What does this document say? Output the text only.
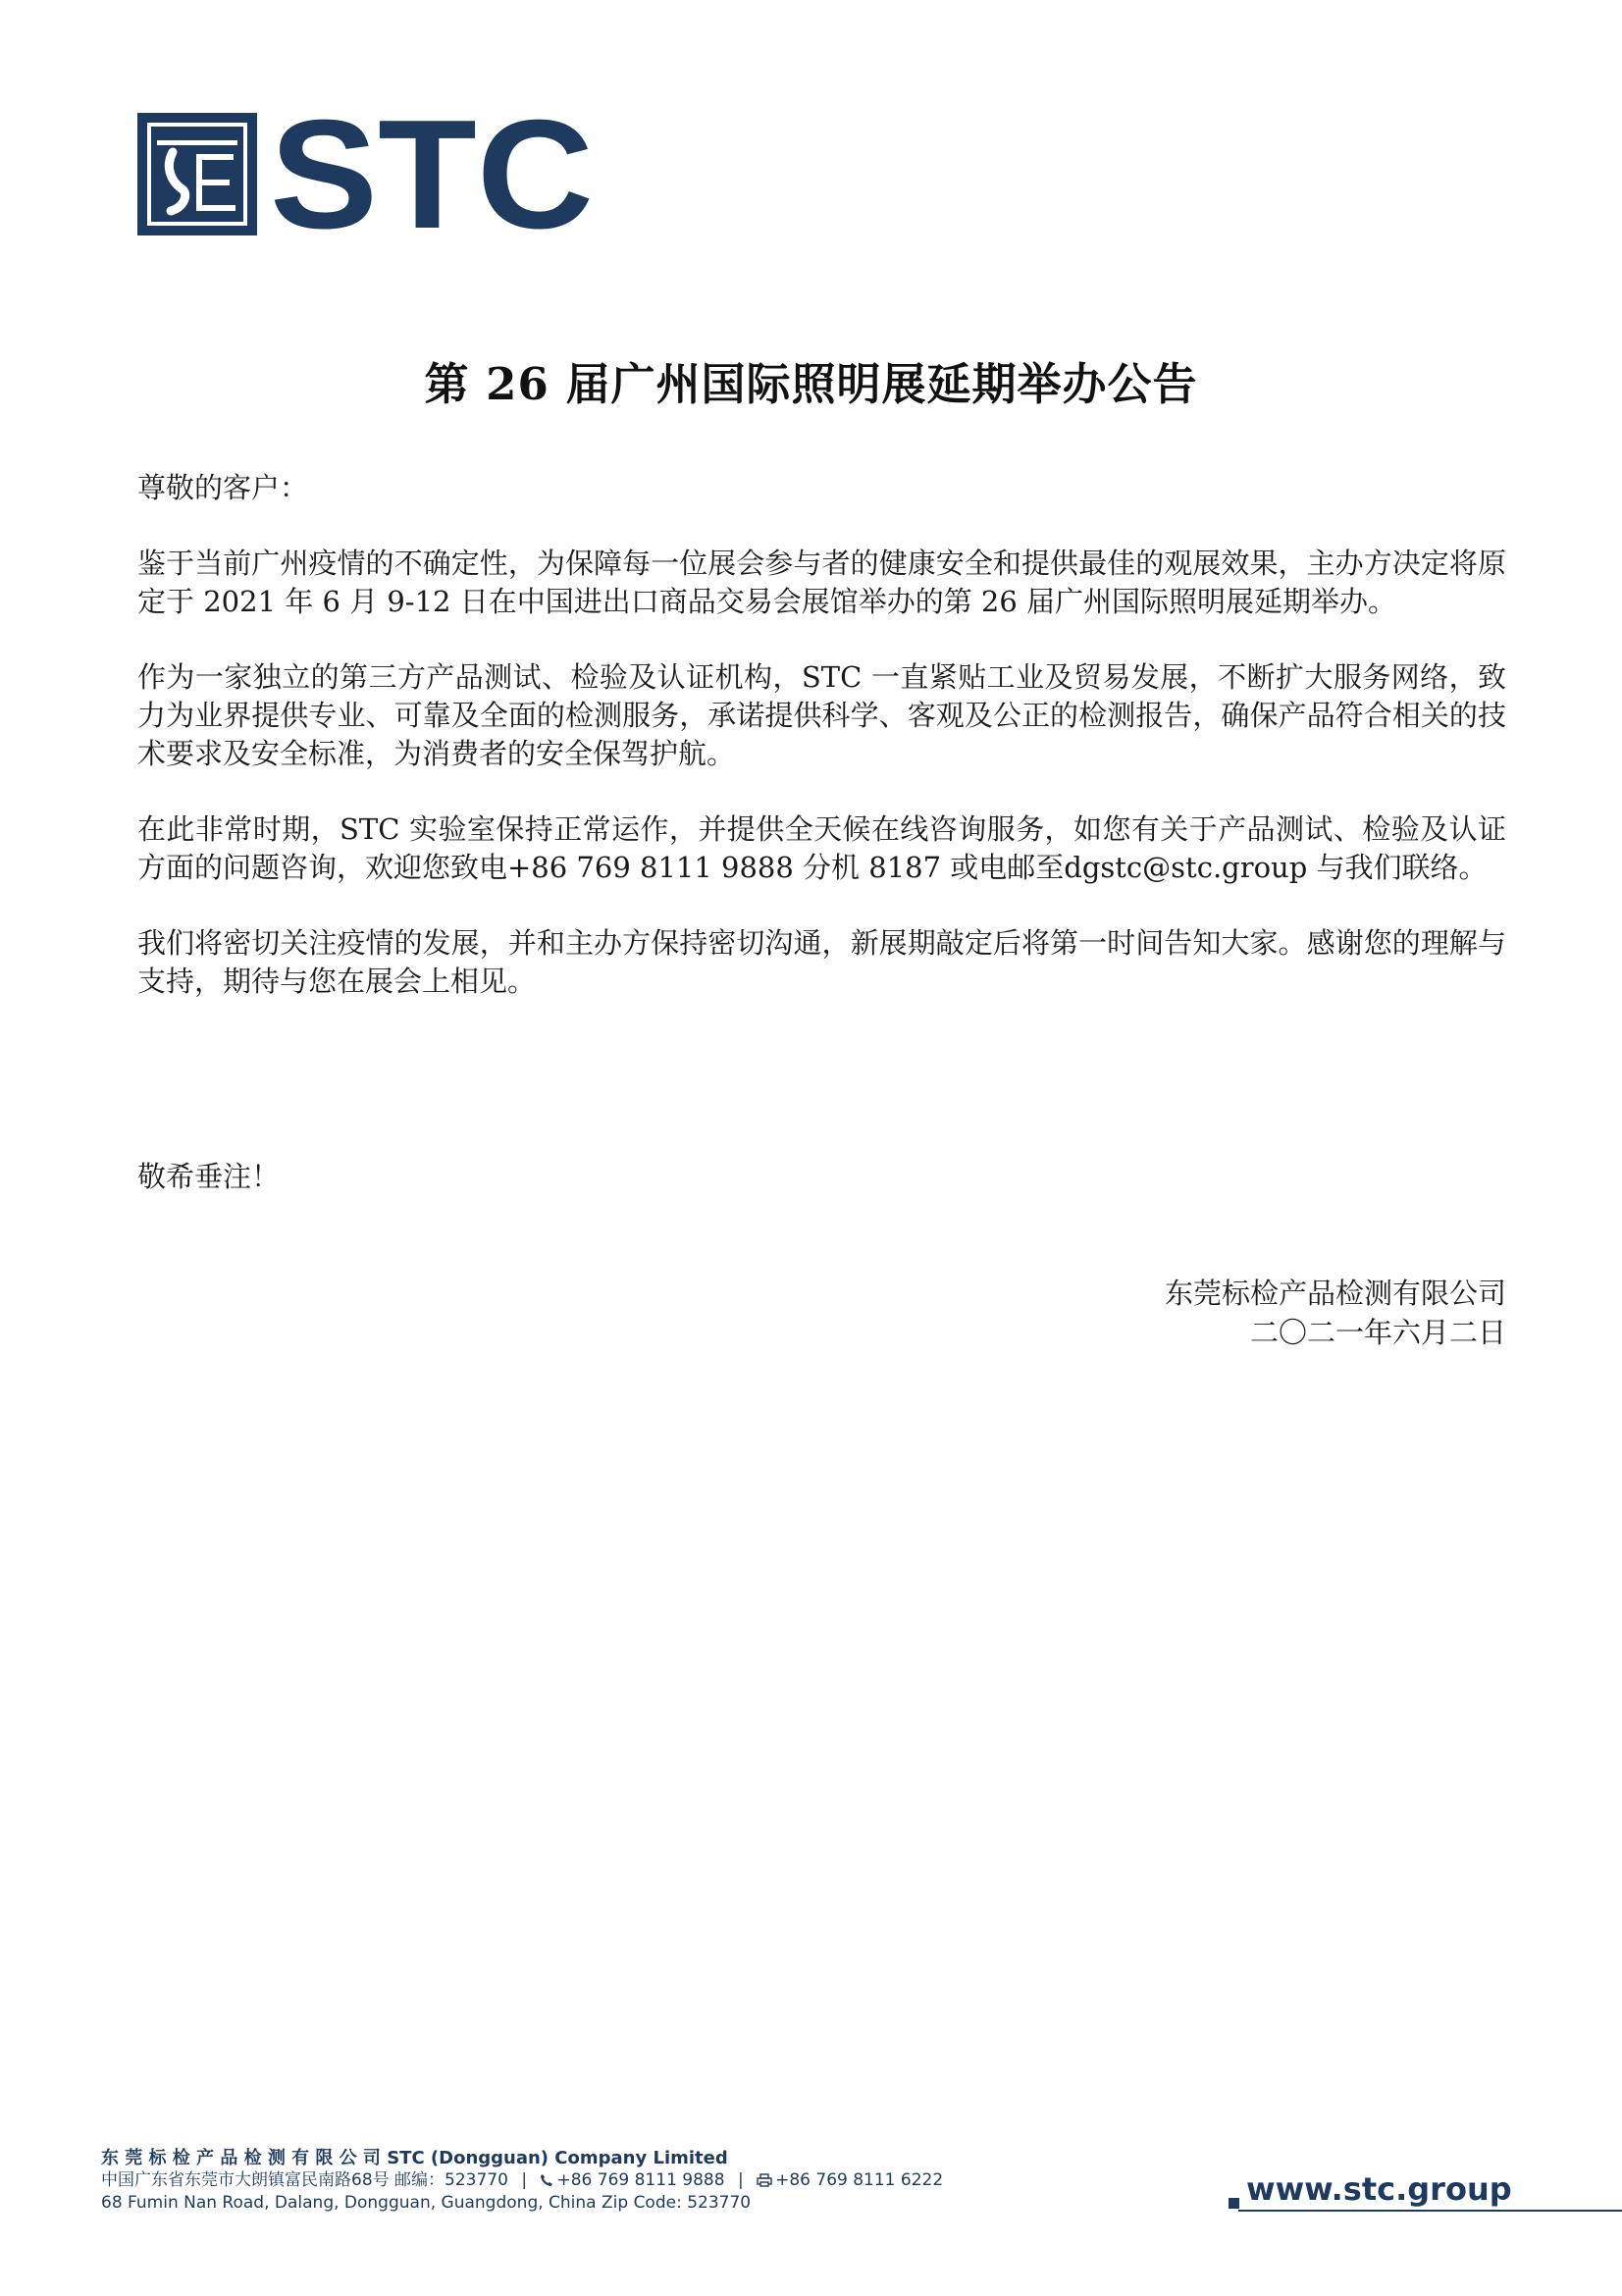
STC
第 26 届广州国际照明展延期举办公告

尊敬的客户：

鉴于当前广州疫情的不确定性，为保障每一位展会参与者的健康安全和提供最佳的观展效果，主办方决定将原定于 2021 年 6 月 9-12 日在中国进出口商品交易会展馆举办的第 26 届广州国际照明展延期举办。

作为一家独立的第三方产品测试、检验及认证机构，STC 一直紧贴工业及贸易发展，不断扩大服务网络，致力为业界提供专业、可靠及全面的检测服务，承诺提供科学、客观及公正的检测报告，确保产品符合相关的技术要求及安全标准，为消费者的安全保驾护航。

在此非常时期，STC 实验室保持正常运作，并提供全天候在线咨询服务，如您有关于产品测试、检验及认证方面的问题咨询，欢迎您致电+86 769 8111 9888 分机 8187 或电邮至dgstc@stc.group 与我们联络。

我们将密切关注疫情的发展，并和主办方保持密切沟通，新展期敲定后将第一时间告知大家。感谢您的理解与支持，期待与您在展会上相见。

敬希垂注！
东莞标检产品检测有限公司
二〇二一年六月二日
东 莞 标 检 产 品 检 测 有 限 公 司 STC (Dongguan) Company Limited
中国广东省东莞市大朗镇富民南路68号 邮编：523770 | +86 769 8111 9888 | +86 769 8111 6222
68 Fumin Nan Road, Dalang, Dongguan, Guangdong, China Zip Code: 523770	www.stc.group
